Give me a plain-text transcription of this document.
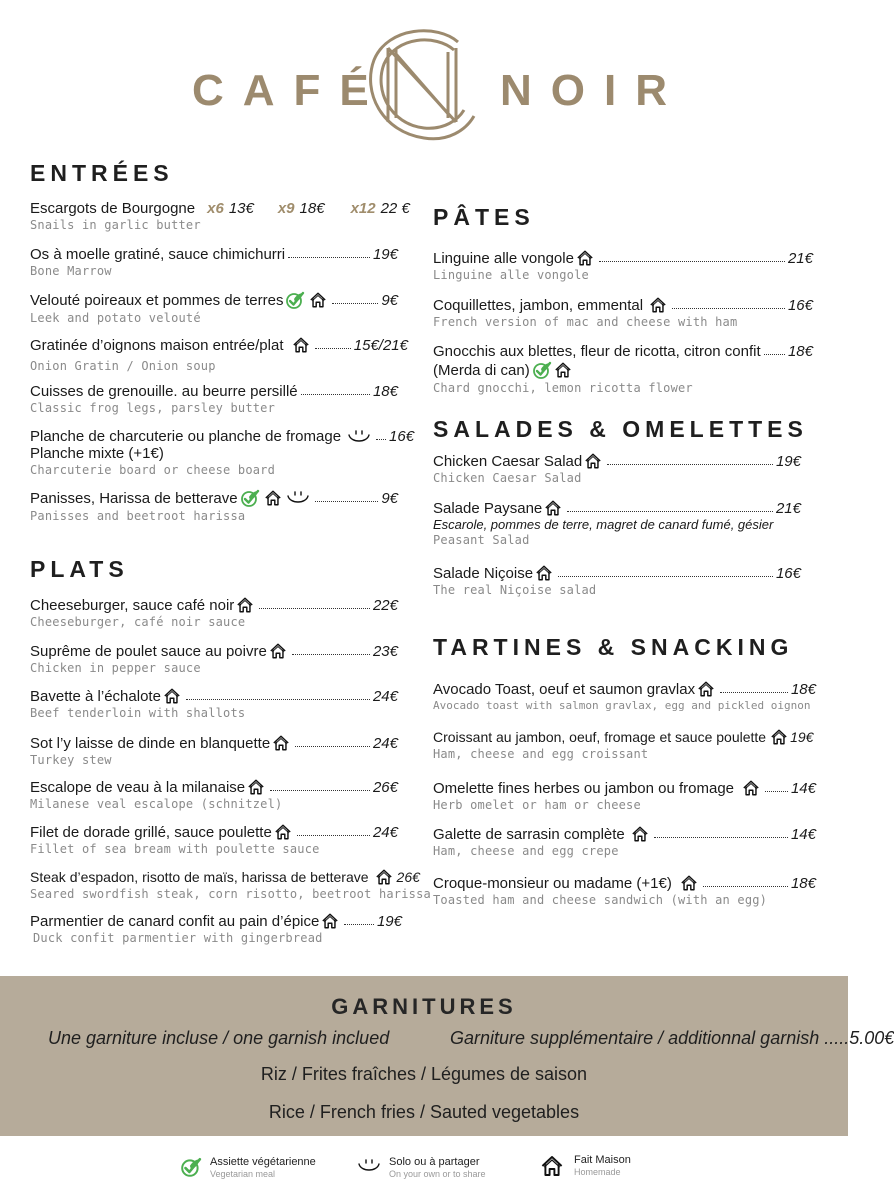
CAFÉ	NOIR
ENTRÉES
Escargots de Bourgogne x6 13€ x9 18€ x12 22 €
Snails in garlic butter
Os à moelle gratiné, sauce chimichurri	19€
Bone Marrow
Velouté poireaux et pommes de terres	9€
Leek and potato velouté
Gratinée d’oignons maison entrée/plat	15€/21€
Onion Gratin / Onion soup
Cuisses de grenouille. au beurre persillé	18€
Classic frog legs, parsley butter
Planche de charcuterie ou planche de fromage	16€
Planche mixte (+1€)
Charcuterie board or cheese board
Panisses, Harissa de betterave	9€
Panisses and beetroot harissa
PLATS
Cheeseburger, sauce café noir	22€
Cheeseburger, café noir sauce
Suprême de poulet sauce au poivre	23€
Chicken in pepper sauce
Bavette à l’échalote	24€
Beef tenderloin with shallots
Sot l’y laisse de dinde en blanquette	24€
Turkey stew
Escalope de veau à la milanaise	26€
Milanese veal escalope (schnitzel)
Filet de dorade grillé, sauce poulette	24€
Fillet of sea bream with poulette sauce
Steak d’espadon, risotto de maïs, harissa de betterave 26€
Seared swordfish steak, corn risotto, beetroot harissa
Parmentier de canard confit au pain d’épice	19€
Duck confit parmentier with gingerbread
PÂTES
Linguine alle vongole	21€
Linguine alle vongole
Coquillettes, jambon, emmental	16€
French version of mac and cheese with ham
Gnocchis aux blettes, fleur de ricotta, citron confit 18€
(Merda di can)
Chard gnocchi, lemon ricotta flower
SALADES & OMELETTES
Chicken Caesar Salad	19€
Chicken Caesar Salad
Salade Paysane	21€
Escarole, pommes de terre, magret de canard fumé, gésier
Peasant Salad
Salade Niçoise	16€
The real Niçoise salad
TARTINES & SNACKING
Avocado Toast, oeuf et saumon gravlax	18€
Avocado toast with salmon gravlax, egg and pickled oignon
Croissant au jambon, oeuf, fromage et sauce poulette 19€
Ham, cheese and egg croissant
Omelette fines herbes ou jambon ou fromage	14€
Herb omelet or ham or cheese
Galette de sarrasin complète	14€
Ham, cheese and egg crepe
Croque-monsieur ou madame (+1€)	18€
Toasted ham and cheese sandwich (with an egg)
GARNITURES
Une garniture incluse / one garnish inclued	Garniture supplémentaire / additionnal garnish .....5.00€
Riz / Frites fraîches / Légumes de saison
Rice / French fries / Sauted vegetables
Assiette végétarienne
Vegetarian meal
Solo ou à partager
On your own or to share
Fait Maison
Homemade
